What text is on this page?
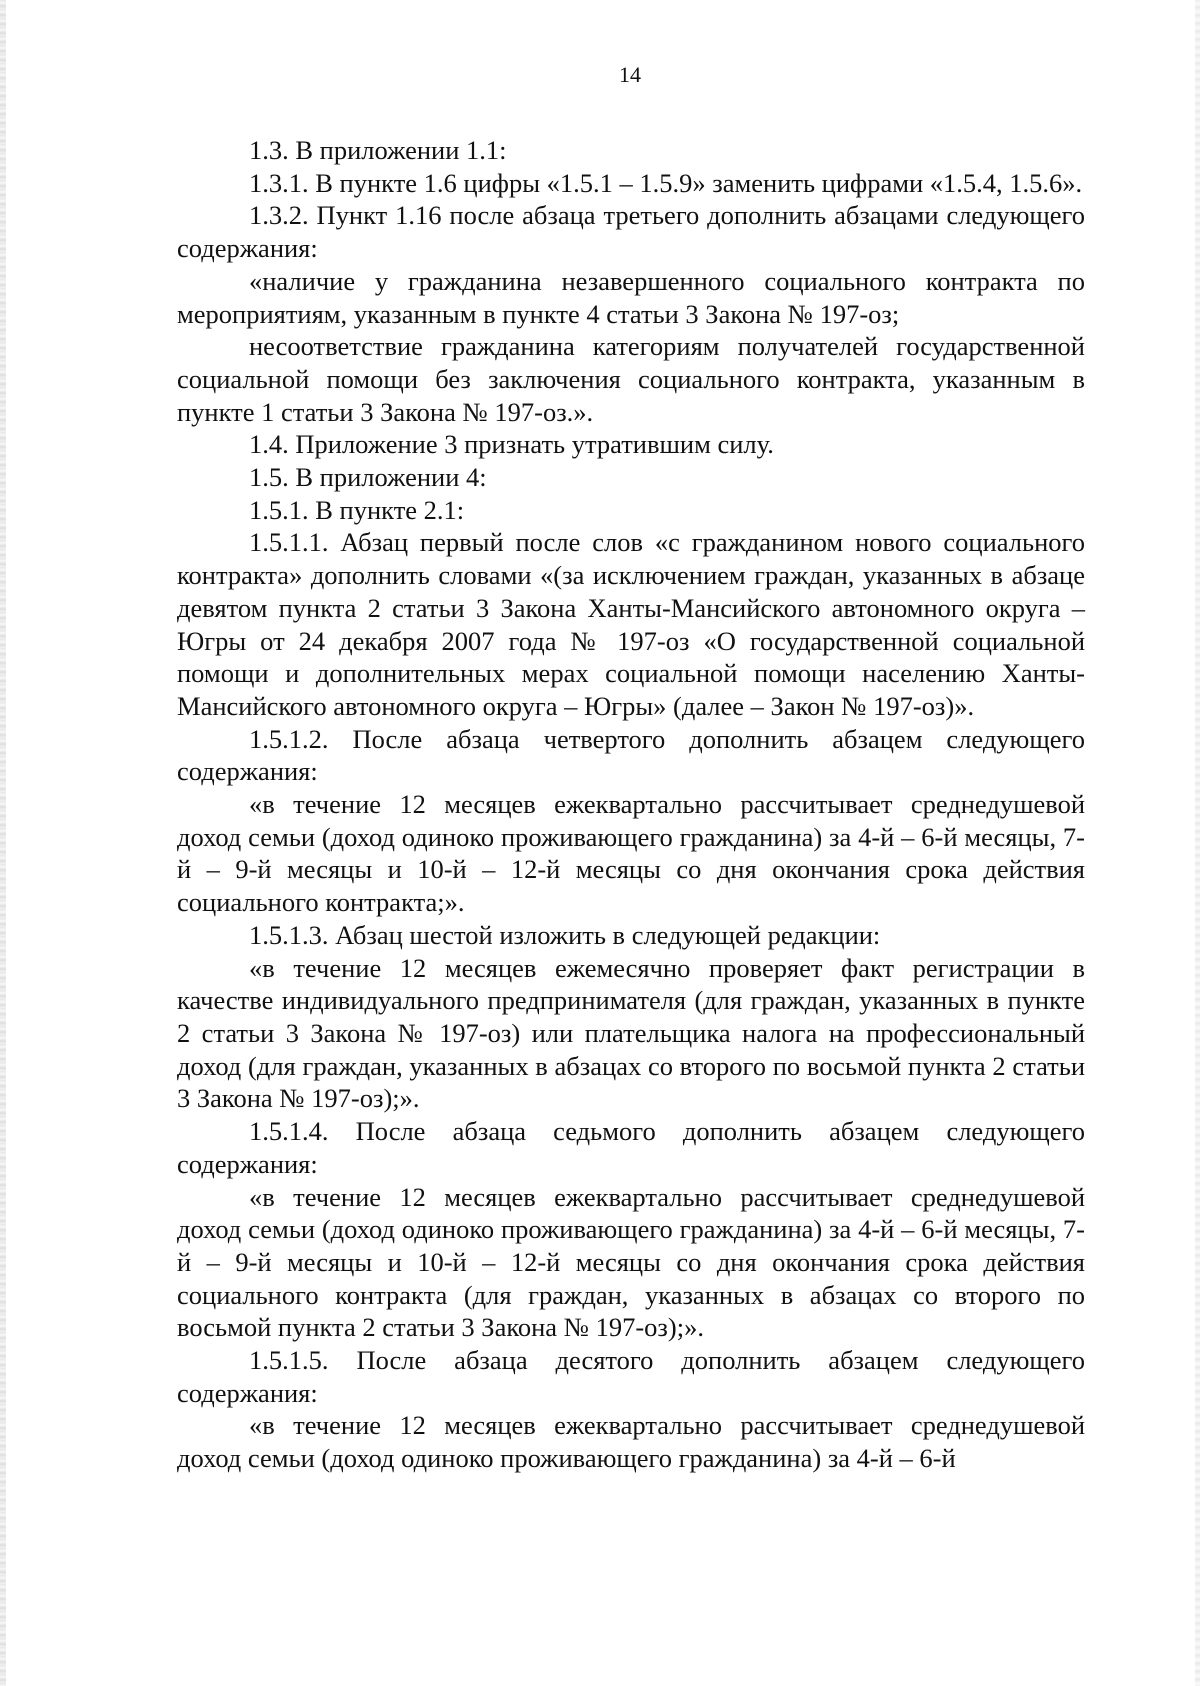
14

1.3. В приложении 1.1:

1.3.1. В пункте 1.6 цифры «1.5.1 – 1.5.9» заменить цифрами «1.5.4, 1.5.6».

1.3.2. Пункт 1.16 после абзаца третьего дополнить абзацами следующего содержания:

«наличие у гражданина незавершенного социального контракта по мероприятиям, указанным в пункте 4 статьи 3 Закона № 197-оз;

несоответствие гражданина категориям получателей государственной социальной помощи без заключения социального контракта, указанным в пункте 1 статьи 3 Закона № 197-оз.».

1.4. Приложение 3 признать утратившим силу.

1.5. В приложении 4:

1.5.1. В пункте 2.1:

1.5.1.1. Абзац первый после слов «с гражданином нового социального контракта» дополнить словами «(за исключением граждан, указанных в абзаце девятом пункта 2 статьи 3 Закона Ханты-Мансийского автономного округа – Югры от 24 декабря 2007 года № 197-оз «О государственной социальной помощи и дополнительных мерах социальной помощи населению Ханты-Мансийского автономного округа – Югры» (далее – Закон № 197-оз)».

1.5.1.2. После абзаца четвертого дополнить абзацем следующего содержания:

«в течение 12 месяцев ежеквартально рассчитывает среднедушевой доход семьи (доход одиноко проживающего гражданина) за 4-й – 6-й месяцы, 7-й – 9-й месяцы и 10-й – 12-й месяцы со дня окончания срока действия социального контракта;».

1.5.1.3. Абзац шестой изложить в следующей редакции:

«в течение 12 месяцев ежемесячно проверяет факт регистрации в качестве индивидуального предпринимателя (для граждан, указанных в пункте 2 статьи 3 Закона № 197-оз) или плательщика налога на профессиональный доход (для граждан, указанных в абзацах со второго по восьмой пункта 2 статьи 3 Закона № 197-оз);».

1.5.1.4. После абзаца седьмого дополнить абзацем следующего содержания:

«в течение 12 месяцев ежеквартально рассчитывает среднедушевой доход семьи (доход одиноко проживающего гражданина) за 4-й – 6-й месяцы, 7-й – 9-й месяцы и 10-й – 12-й месяцы со дня окончания срока действия социального контракта (для граждан, указанных в абзацах со второго по восьмой пункта 2 статьи 3 Закона № 197-оз);».

1.5.1.5. После абзаца десятого дополнить абзацем следующего содержания:

«в течение 12 месяцев ежеквартально рассчитывает среднедушевой доход семьи (доход одиноко проживающего гражданина) за 4-й – 6-й
